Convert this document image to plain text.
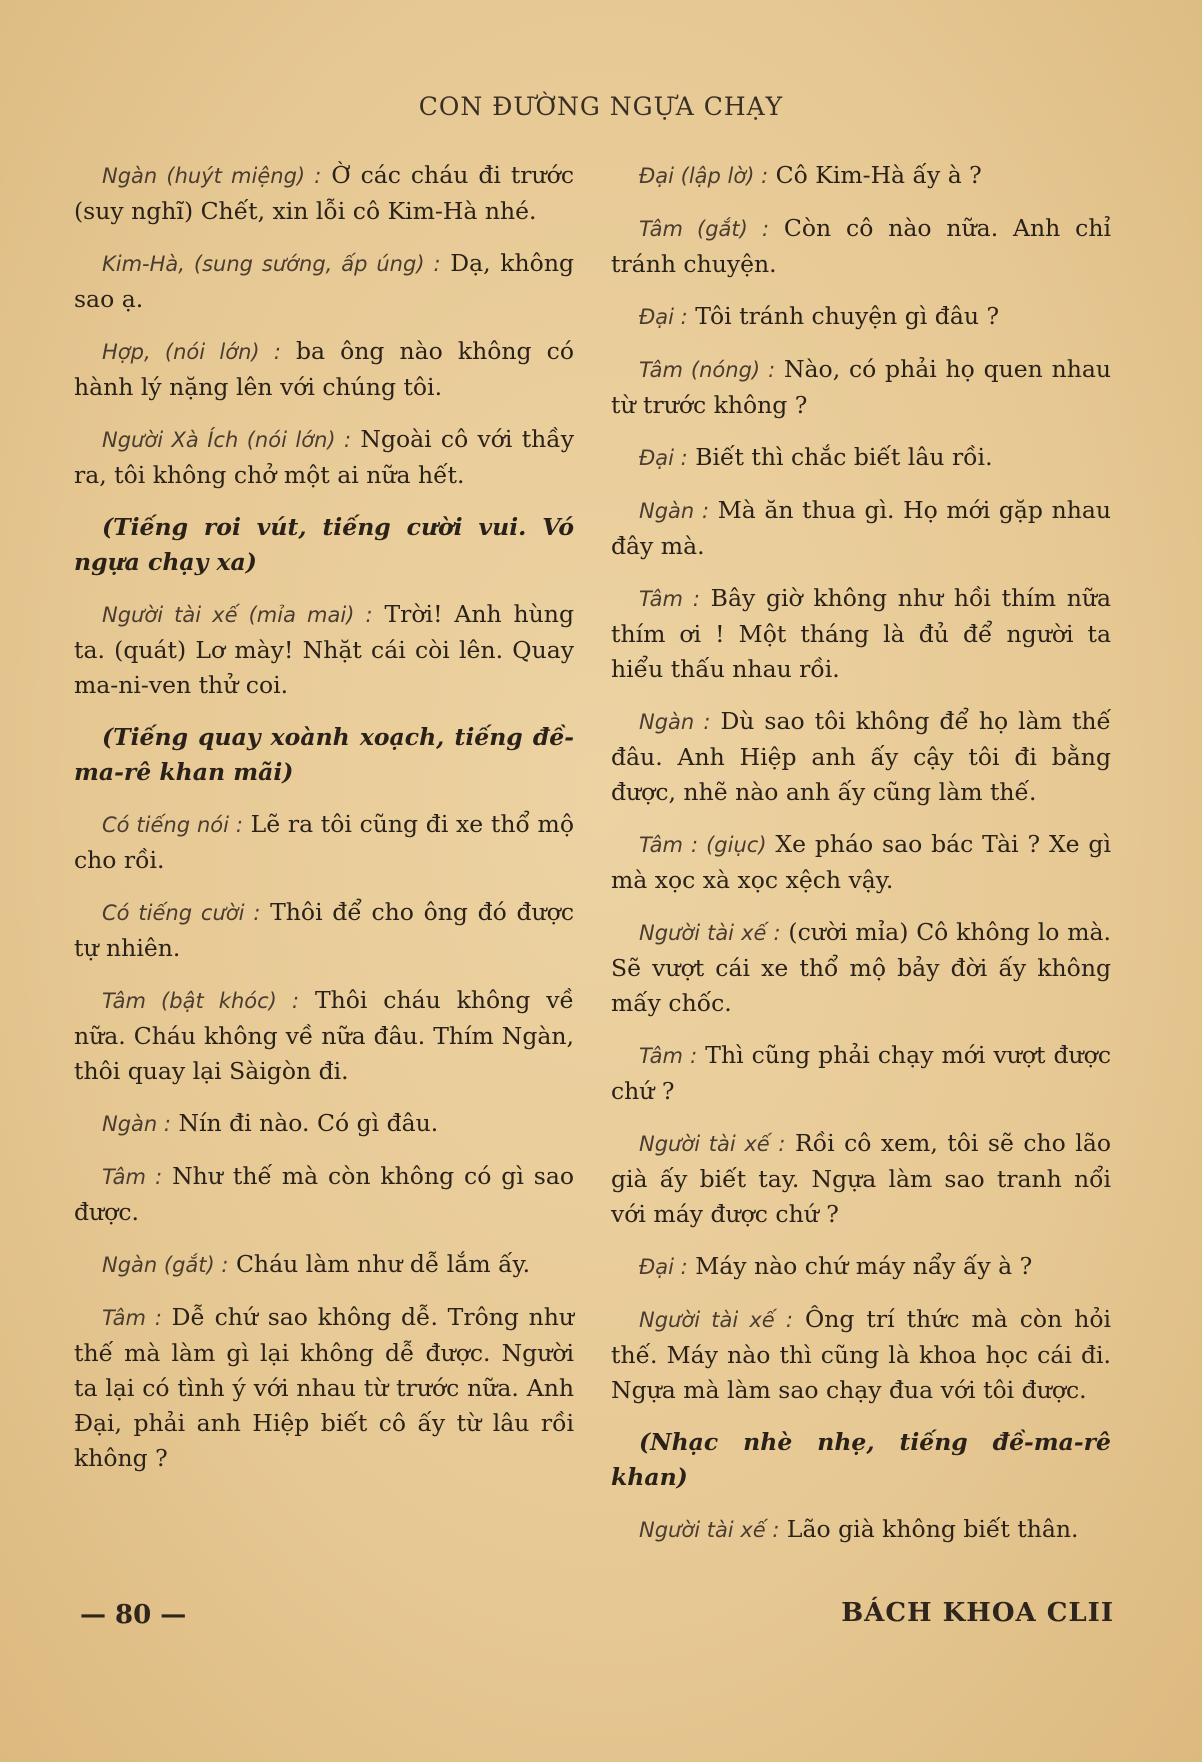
CON ĐƯỜNG NGỰA CHẠY

Ngàn (huýt miệng) : Ờ các cháu đi trước (suy nghĩ) Chết, xin lỗi cô Kim-Hà nhé.

Kim-Hà, (sung sướng, ấp úng) : Dạ, không sao ạ.

Hợp, (nói lớn) : ba ông nào không có hành lý nặng lên với chúng tôi.

Người Xà Ích (nói lớn) : Ngoài cô với thầy ra, tôi không chở một ai nữa hết.

(Tiếng roi vút, tiếng cười vui. Vó ngựa chạy xa)

Người tài xế (mỉa mai) : Trời! Anh hùng ta. (quát) Lơ mày! Nhặt cái còi lên. Quay ma-ni-ven thử coi.

(Tiếng quay xoành xoạch, tiếng đề-ma-rê khan mãi)

Có tiếng nói : Lẽ ra tôi cũng đi xe thổ mộ cho rồi.

Có tiếng cười : Thôi để cho ông đó được tự nhiên.

Tâm (bật khóc) : Thôi cháu không về nữa. Cháu không về nữa đâu. Thím Ngàn, thôi quay lại Sàigòn đi.

Ngàn : Nín đi nào. Có gì đâu.

Tâm : Như thế mà còn không có gì sao được.

Ngàn (gắt) : Cháu làm như dễ lắm ấy.

Tâm : Dễ chứ sao không dễ. Trông như thế mà làm gì lại không dễ được. Người ta lại có tình ý với nhau từ trước nữa. Anh Đại, phải anh Hiệp biết cô ấy từ lâu rồi không ?

Đại (lập lờ) : Cô Kim-Hà ấy à ?

Tâm (gắt) : Còn cô nào nữa. Anh chỉ tránh chuyện.

Đại : Tôi tránh chuyện gì đâu ?

Tâm (nóng) : Nào, có phải họ quen nhau từ trước không ?

Đại : Biết thì chắc biết lâu rồi.

Ngàn : Mà ăn thua gì. Họ mới gặp nhau đây mà.

Tâm : Bây giờ không như hồi thím nữa thím ơi ! Một tháng là đủ để người ta hiểu thấu nhau rồi.

Ngàn : Dù sao tôi không để họ làm thế đâu. Anh Hiệp anh ấy cậy tôi đi bằng được, nhẽ nào anh ấy cũng làm thế.

Tâm : (giục) Xe pháo sao bác Tài ? Xe gì mà xọc xà xọc xệch vậy.

Người tài xế : (cười mỉa) Cô không lo mà. Sẽ vượt cái xe thổ mộ bảy đời ấy không mấy chốc.

Tâm : Thì cũng phải chạy mới vượt được chứ ?

Người tài xế : Rồi cô xem, tôi sẽ cho lão già ấy biết tay. Ngựa làm sao tranh nổi với máy được chứ ?

Đại : Máy nào chứ máy nẩy ấy à ?

Người tài xế : Ông trí thức mà còn hỏi thế. Máy nào thì cũng là khoa học cái đi. Ngựa mà làm sao chạy đua với tôi được.

(Nhạc nhè nhẹ, tiếng đề-ma-rê khan)

Người tài xế : Lão già không biết thân.

— 80 —	BÁCH KHOA CLII
